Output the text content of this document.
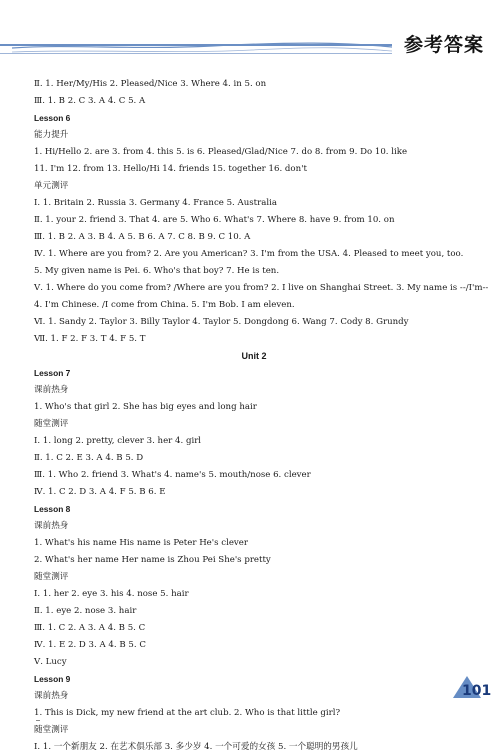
参考答案
Ⅱ. 1. Her/My/His 2. Pleased/Nice 3. Where 4. in 5. on
Ⅲ. 1. B 2. C 3. A 4. C 5. A
Lesson 6
能力提升
1. Hi/Hello 2. are 3. from 4. this 5. is 6. Pleased/Glad/Nice 7. do 8. from 9. Do 10. like
11. I'm 12. from 13. Hello/Hi 14. friends 15. together 16. don't
单元测评
Ⅰ. 1. Britain 2. Russia 3. Germany 4. France 5. Australia
Ⅱ. 1. your 2. friend 3. That 4. are 5. Who 6. What's 7. Where 8. have 9. from 10. on
Ⅲ. 1. B 2. A 3. B 4. A 5. B 6. A 7. C 8. B 9. C 10. A
Ⅳ. 1. Where are you from? 2. Are you American? 3. I'm from the USA. 4. Pleased to meet you, too.
5. My given name is Pei. 6. Who's that boy? 7. He is ten.
Ⅴ. 1. Where do you come from? /Where are you from? 2. I live on Shanghai Street. 3. My name is --/I'm--
4. I'm Chinese. /I come from China. 5. I'm Bob. I am eleven.
Ⅵ. 1. Sandy 2. Taylor 3. Billy Taylor 4. Taylor 5. Dongdong 6. Wang 7. Cody 8. Grundy
Ⅶ. 1. F 2. F 3. T 4. F 5. T
Unit 2
Lesson 7
课前热身
1. Who's that girl 2. She has big eyes and long hair
随堂测评
Ⅰ. 1. long 2. pretty, clever 3. her 4. girl
Ⅱ. 1. C 2. E 3. A 4. B 5. D
Ⅲ. 1. Who 2. friend 3. What's 4. name's 5. mouth/nose 6. clever
Ⅳ. 1. C 2. D 3. A 4. F 5. B 6. E
Lesson 8
课前热身
1. What's his name His name is Peter He's clever
2. What's her name Her name is Zhou Pei She's pretty
随堂测评
Ⅰ. 1. her 2. eye 3. his 4. nose 5. hair
Ⅱ. 1. eye 2. nose 3. hair
Ⅲ. 1. C 2. A 3. A 4. B 5. C
Ⅳ. 1. E 2. D 3. A 4. B 5. C
Ⅴ. Lucy
Lesson 9
课前热身
1. This is Dick, my new friend at the art club. 2. Who is that little girl?
随堂测评
Ⅰ. 1. 一个新朋友 2. 在艺术俱乐部 3. 多少岁 4. 一个可爱的女孩 5. 一个聪明的男孩儿
101
